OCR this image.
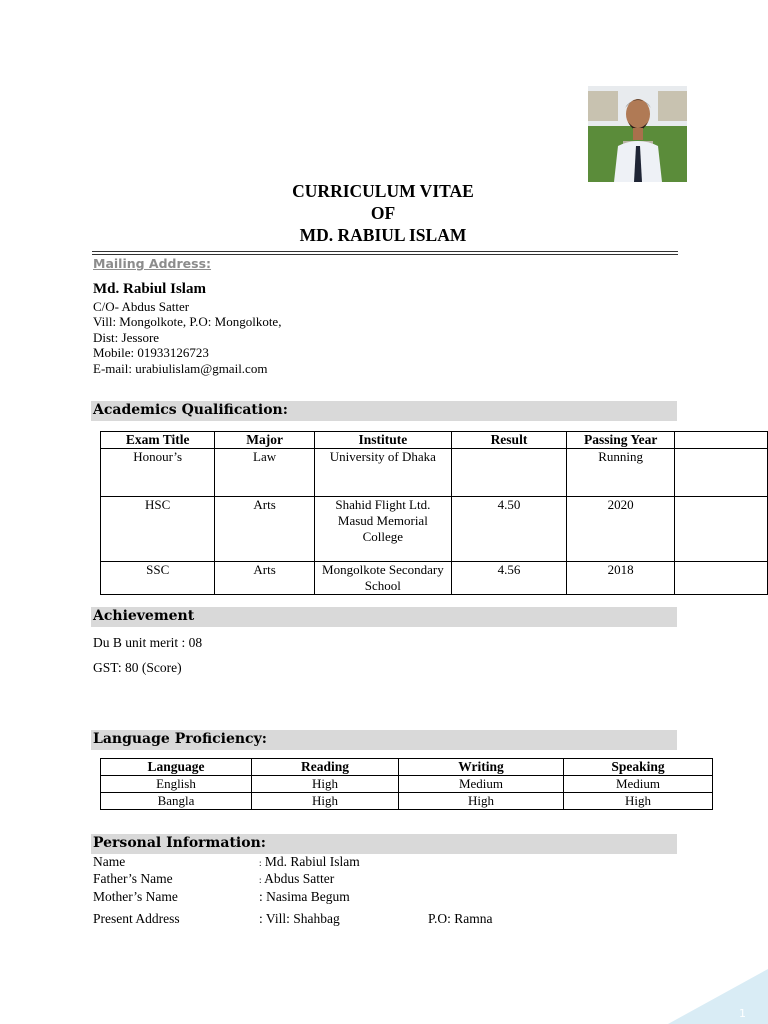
CURRICULUM VITAE
OF
MD. RABIUL ISLAM
Mailing Address:
Md. Rabiul Islam
C/O- Abdus Satter
Vill: Mongolkote, P.O: Mongolkote,
Dist: Jessore
Mobile: 01933126723
E-mail: urabiulislam@gmail.com
Academics Qualification:
Exam Title	Major	Institute	Result	Passing Year	
Honour’s	Law	University of Dhaka		Running	
HSC	Arts	Shahid Flight Ltd. Masud Memorial College	4.50	2020	
SSC	Arts	Mongolkote Secondary School	4.56	2018	
Achievement
Du B unit merit : 08
GST: 80 (Score)
Language Proficiency:
Language	Reading	Writing	Speaking
English	High	Medium	Medium
Bangla	High	High	High
Personal Information:
Name	: Md. Rabiul Islam
Father’s Name	: Abdus Satter
Mother’s Name	: Nasima Begum
Present Address	: Vill: Shahbag	P.O: Ramna
1
